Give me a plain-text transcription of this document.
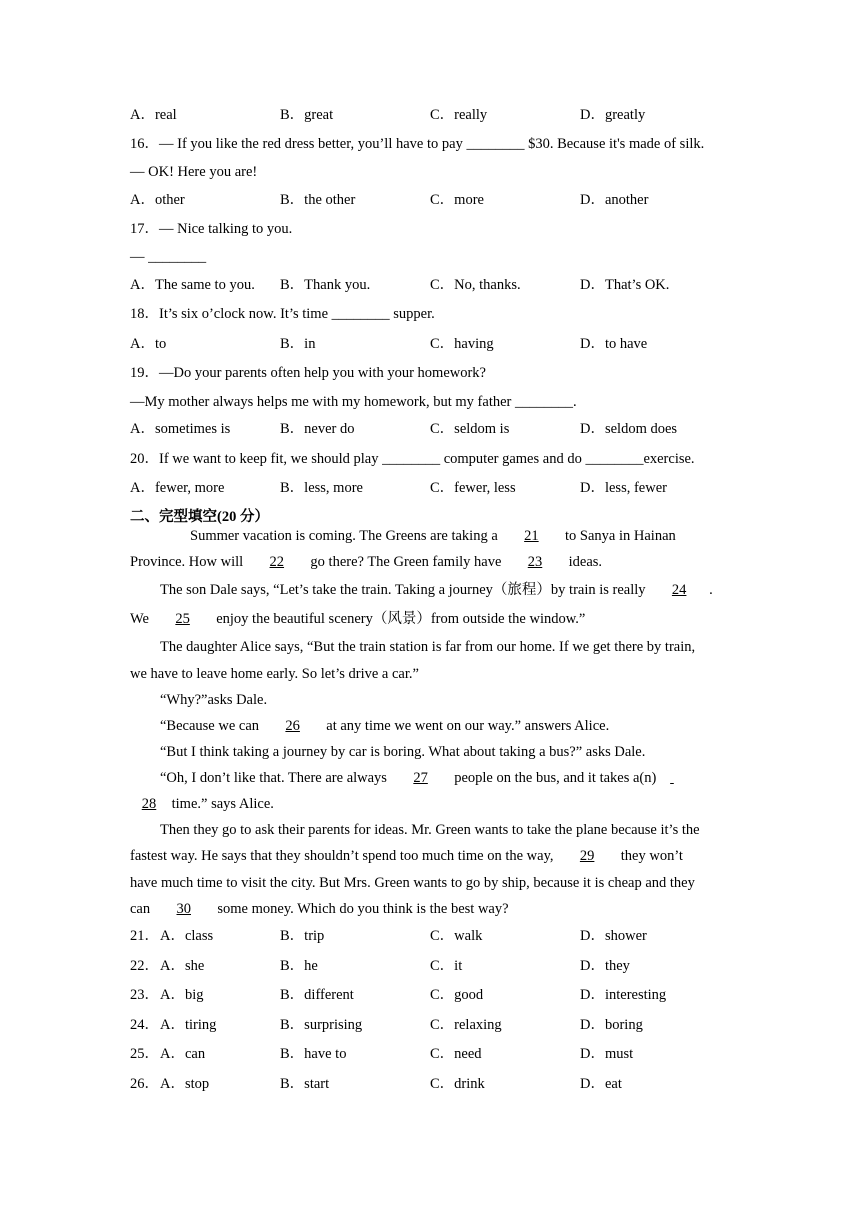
A．real	B．great	C．really	D．greatly
16．— If you like the red dress better, you’ll have to pay ________ $30. Because it's made of silk.
— OK! Here you are!
A．other	B．the other	C．more	D．another
17．— Nice talking to you.
— ________
A．The same to you. B．Thank you.	C．No, thanks.	D．That’s OK.
18．It’s six o’clock now. It’s time ________ supper.
A．to	B．in	C．having	D．to have
19．—Do your parents often help you with your homework?
—My mother always helps me with my homework, but my father ________.
A．sometimes is	B．never do	C．seldom is	D．seldom does
20．If we want to keep fit, we should play ________ computer games and do ________exercise.
A．fewer, more	B．less, more	C．fewer, less	D．less, fewer
二、完型填空(20 分）
Summer vacation is coming. The Greens are taking a 21 to Sanya in Hainan
Province. How will 22 go there? The Green family have 23 ideas.
The son Dale says, “Let’s take the train. Taking a journey（旅程）by train is really 24 .
We 25 enjoy the beautiful scenery（风景）from outside the window.”
The daughter Alice says, “But the train station is far from our home. If we get there by train,
we have to leave home early. So let’s drive a car.”
“Why?”asks Dale.
“Because we can 26 at any time we went on our way.” answers Alice.
“But I think taking a journey by car is boring. What about taking a bus?” asks Dale.
“Oh, I don’t like that. There are always 27 people on the bus, and it takes a(n)
28 time.” says Alice.
Then they go to ask their parents for ideas. Mr. Green wants to take the plane because it’s the
fastest way. He says that they shouldn’t spend too much time on the way, 29 they won’t
have much time to visit the city. But Mrs. Green wants to go by ship, because it is cheap and they
can 30 some money. Which do you think is the best way?
21． A．class	B．trip	C．walk	D．shower
22． A．she	B．he	C．it	D．they
23． A．big	B．different	C．good	D．interesting
24． A．tiring	B．surprising	C．relaxing	D．boring
25． A．can	B．have to	C．need	D．must
26． A．stop	B．start	C．drink	D．eat
